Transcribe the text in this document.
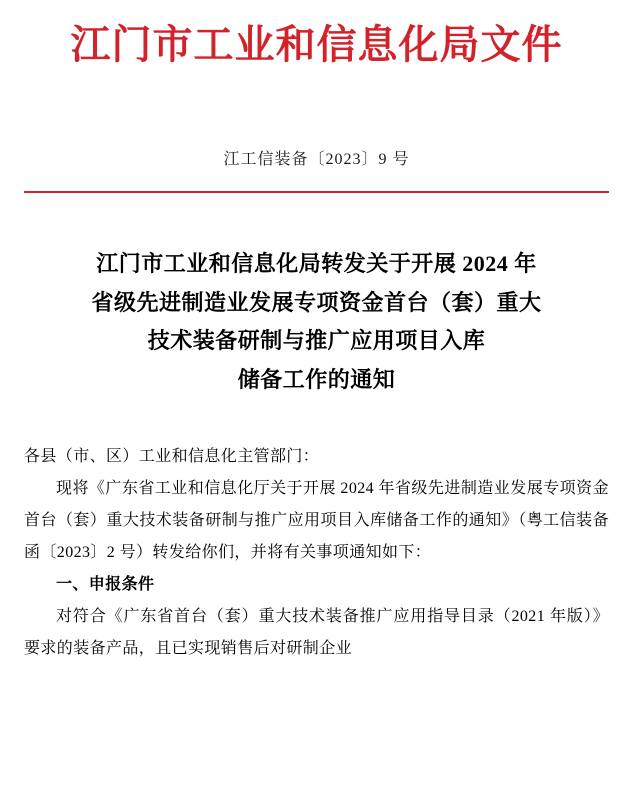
江门市工业和信息化局文件
江工信装备〔2023〕9 号
江门市工业和信息化局转发关于开展 2024 年
省级先进制造业发展专项资金首台（套）重大
技术装备研制与推广应用项目入库
储备工作的通知

各县（市、区）工业和信息化主管部门：

现将《广东省工业和信息化厅关于开展 2024 年省级先进制造业发展专项资金首台（套）重大技术装备研制与推广应用项目入库储备工作的通知》（粤工信装备函〔2023〕2 号）转发给你们，并将有关事项通知如下：

一、申报条件

对符合《广东省首台（套）重大技术装备推广应用指导目录（2021 年版）》要求的装备产品，且已实现销售后对研制企业
